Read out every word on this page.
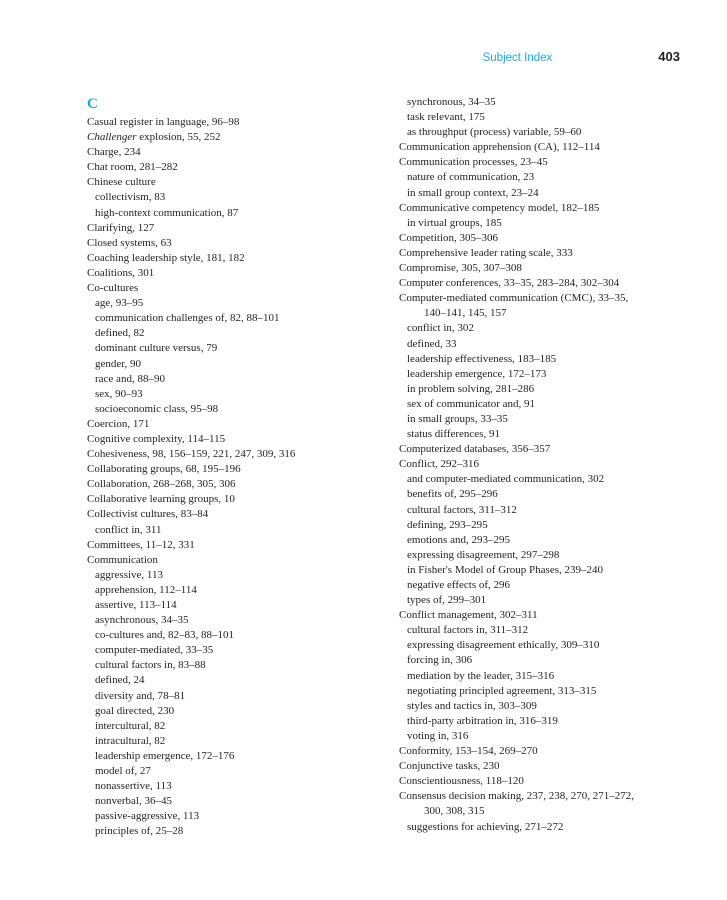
Subject Index	403
C
Casual register in language, 96–98
Challenger explosion, 55, 252
Charge, 234
Chat room, 281–282
Chinese culture
collectivism, 83
high-context communication, 87
Clarifying, 127
Closed systems, 63
Coaching leadership style, 181, 182
Coalitions, 301
Co-cultures
age, 93–95
communication challenges of, 82, 88–101
defined, 82
dominant culture versus, 79
gender, 90
race and, 88–90
sex, 90–93
socioeconomic class, 95–98
Coercion, 171
Cognitive complexity, 114–115
Cohesiveness, 98, 156–159, 221, 247, 309, 316
Collaborating groups, 68, 195–196
Collaboration, 268–268, 305, 306
Collaborative learning groups, 10
Collectivist cultures, 83–84
conflict in, 311
Committees, 11–12, 331
Communication
aggressive, 113
apprehension, 112–114
assertive, 113–114
asynchronous, 34–35
co-cultures and, 82–83, 88–101
computer-mediated, 33–35
cultural factors in, 83–88
defined, 24
diversity and, 78–81
goal directed, 230
intercultural, 82
intracultural, 82
leadership emergence, 172–176
model of, 27
nonassertive, 113
nonverbal, 36–45
passive-aggressive, 113
principles of, 25–28
synchronous, 34–35
task relevant, 175
as throughput (process) variable, 59–60
Communication apprehension (CA), 112–114
Communication processes, 23–45
nature of communication, 23
in small group context, 23–24
Communicative competency model, 182–185
in virtual groups, 185
Competition, 305–306
Comprehensive leader rating scale, 333
Compromise, 305, 307–308
Computer conferences, 33–35, 283–284, 302–304
Computer-mediated communication (CMC), 33–35,
140–141, 145, 157
conflict in, 302
defined, 33
leadership effectiveness, 183–185
leadership emergence, 172–173
in problem solving, 281–286
sex of communicator and, 91
in small groups, 33–35
status differences, 91
Computerized databases, 356–357
Conflict, 292–316
and computer-mediated communication, 302
benefits of, 295–296
cultural factors, 311–312
defining, 293–295
emotions and, 293–295
expressing disagreement, 297–298
in Fisher's Model of Group Phases, 239–240
negative effects of, 296
types of, 299–301
Conflict management, 302–311
cultural factors in, 311–312
expressing disagreement ethically, 309–310
forcing in, 306
mediation by the leader, 315–316
negotiating principled agreement, 313–315
styles and tactics in, 303–309
third-party arbitration in, 316–319
voting in, 316
Conformity, 153–154, 269–270
Conjunctive tasks, 230
Conscientiousness, 118–120
Consensus decision making, 237, 238, 270, 271–272,
300, 308, 315
suggestions for achieving, 271–272
